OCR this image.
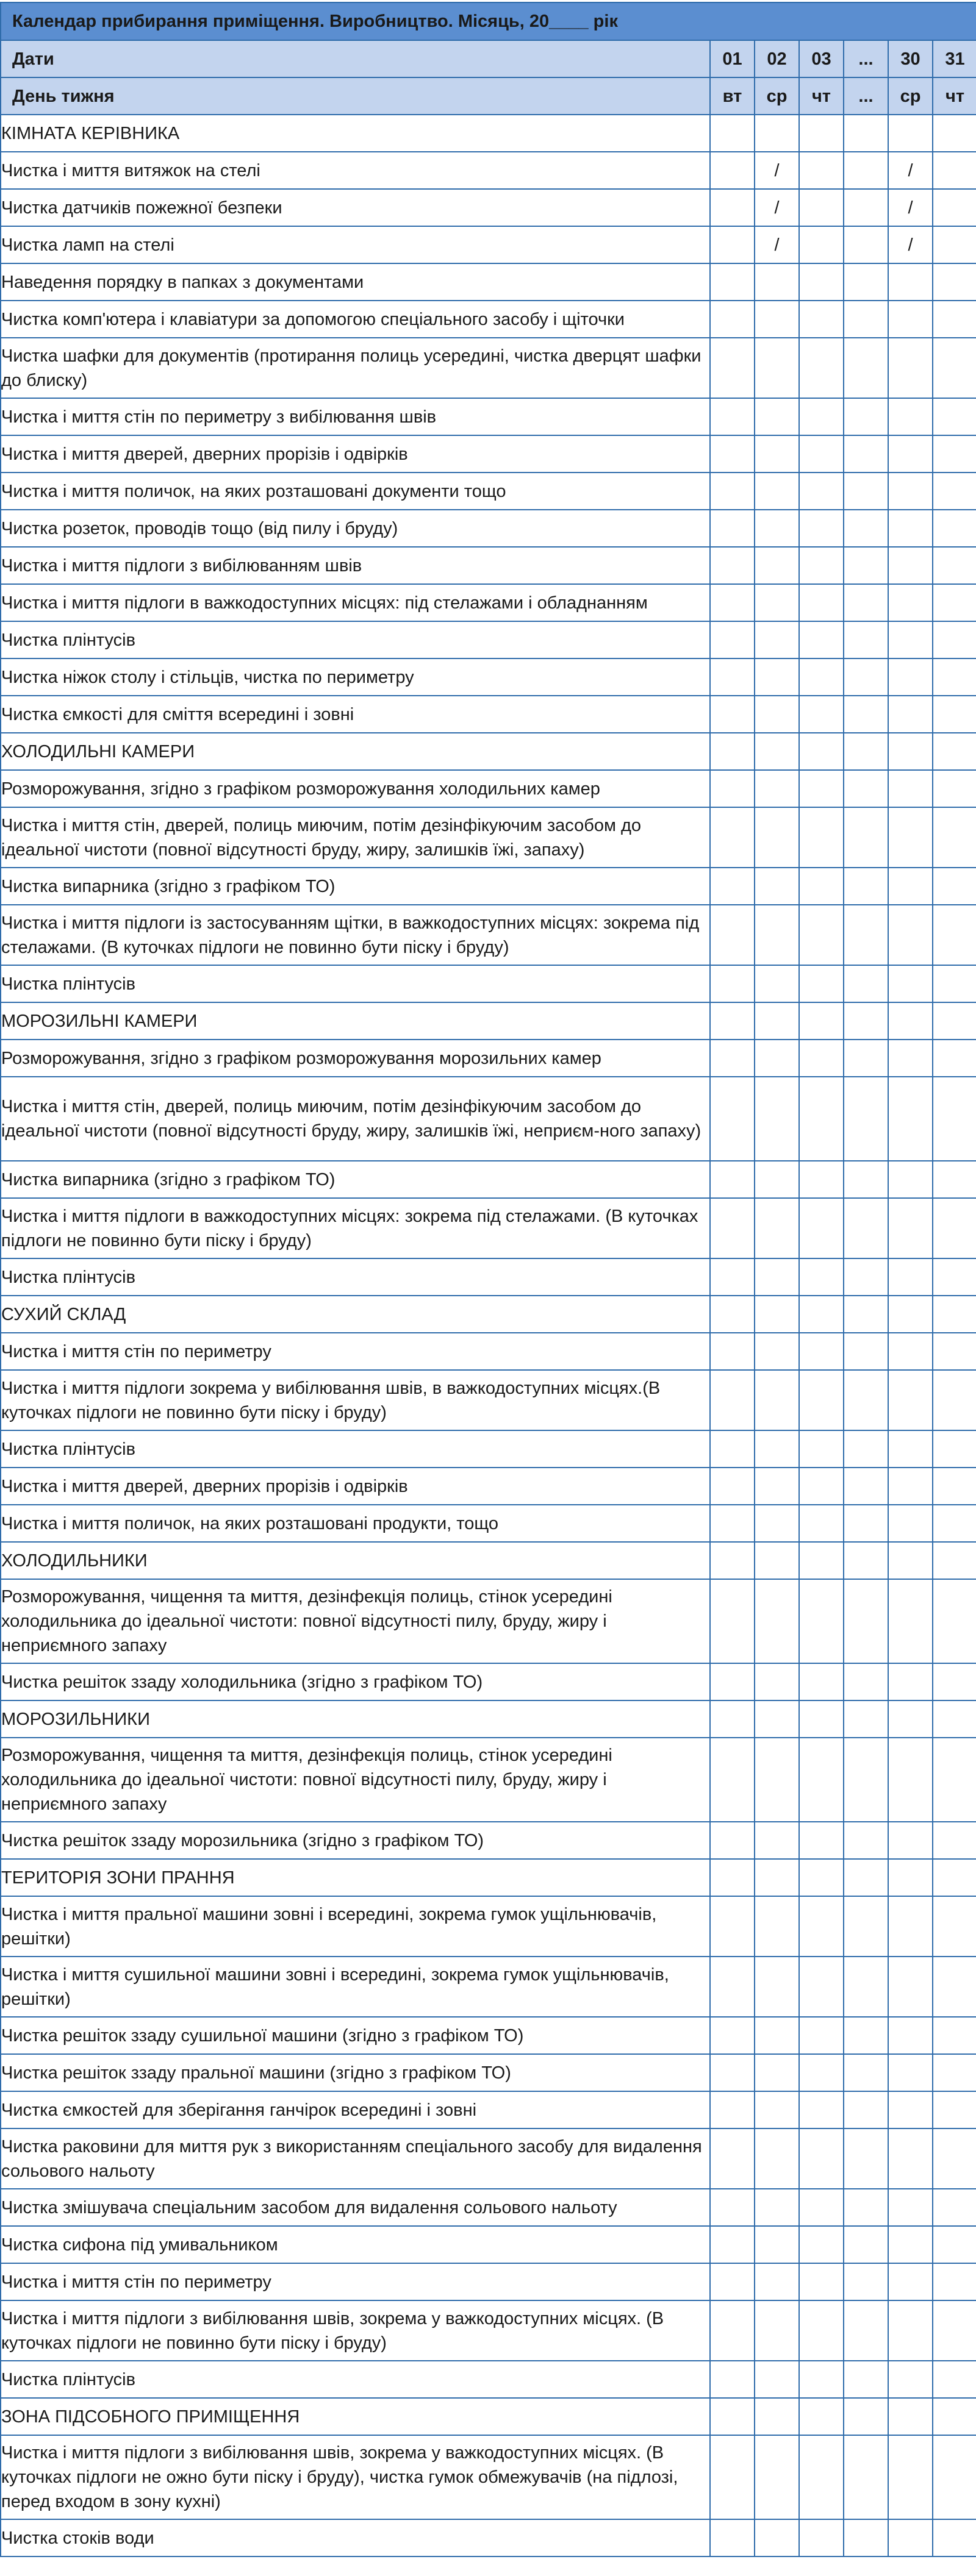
Календар прибирання приміщення. Виробництво. Місяць, 20____ рік						
Дати	01	02	03	...	30	31
День тижня	вт	ср	чт	...	ср	чт
КІМНАТА КЕРІВНИКА						
Чистка і миття витяжок на стелі		/			/	
Чистка датчиків пожежної безпеки		/			/	
Чистка ламп на стелі		/			/	
Наведення порядку в папках з документами						
Чистка комп'ютера і клавіатури за допомогою спеціального засобу і щіточки						
Чистка шафки для документів (протирання полиць усередині, чистка дверцят шафки до блиску)						
Чистка і миття стін по периметру з вибілювання швів						
Чистка і миття дверей, дверних прорізів і одвірків						
Чистка і миття поличок, на яких розташовані документи тощо						
Чистка розеток, проводів тощо (від пилу і бруду)						
Чистка і миття підлоги з вибілюванням швів						
Чистка і миття підлоги в важкодоступних місцях: під стелажами і обладнанням						
Чистка плінтусів						
Чистка ніжок столу і стільців, чистка по периметру						
Чистка ємкості для сміття всередині і зовні						
ХОЛОДИЛЬНІ КАМЕРИ						
Розморожування, згідно з графіком розморожування холодильних камер						
Чистка і миття стін, дверей, полиць миючим, потім дезінфікуючим засобом до ідеальної чистоти (повної відсутності бруду, жиру, залишків їжі, запаху)						
Чистка випарника (згідно з графіком ТО)						
Чистка і миття підлоги із застосуванням щітки, в важкодоступних місцях: зокрема під стелажами. (В куточках підлоги не повинно бути піску і бруду)						
Чистка плінтусів						
МОРОЗИЛЬНІ КАМЕРИ						
Розморожування, згідно з графіком розморожування морозильних камер						
Чистка і миття стін, дверей, полиць миючим, потім дезінфікуючим засобом до ідеальної чистоти (повної відсутності бруду, жиру, залишків їжі, неприєм-ного запаху)						
Чистка випарника (згідно з графіком ТО)						
Чистка і миття підлоги в важкодоступних місцях: зокрема під стелажами. (В куточках підлоги не повинно бути піску і бруду)						
Чистка плінтусів						
СУХИЙ СКЛАД						
Чистка і миття стін по периметру						
Чистка і миття підлоги зокрема у вибілювання швів, в важкодоступних місцях.(В куточках підлоги не повинно бути піску і бруду)						
Чистка плінтусів						
Чистка і миття дверей, дверних прорізів і одвірків						
Чистка і миття поличок, на яких розташовані продукти, тощо						
ХОЛОДИЛЬНИКИ						
Розморожування, чищення та миття, дезінфекція полиць, стінок усередині холодильника до ідеальної чистоти: повної відсутності пилу, бруду, жиру і неприємного запаху						
Чистка решіток ззаду холодильника (згідно з графіком ТО)						
МОРОЗИЛЬНИКИ						
Розморожування, чищення та миття, дезінфекція полиць, стінок усередині холодильника до ідеальної чистоти: повної відсутності пилу, бруду, жиру і неприємного запаху						
Чистка решіток ззаду морозильника (згідно з графіком ТО)						
ТЕРИТОРІЯ ЗОНИ ПРАННЯ						
Чистка і миття пральної машини зовні і всередині, зокрема гумок ущільнювачів, решітки)						
Чистка і миття сушильної машини зовні і всередині, зокрема гумок ущільнювачів, решітки)						
Чистка решіток ззаду сушильної машини (згідно з графіком ТО)						
Чистка решіток ззаду пральної машини (згідно з графіком ТО)						
Чистка ємкостей для зберігання ганчірок всередині і зовні						
Чистка раковини для миття рук з використанням спеціального засобу для видалення сольового нальоту						
Чистка змішувача спеціальним засобом для видалення сольового нальоту						
Чистка сифона під умивальником						
Чистка і миття стін по периметру						
Чистка і миття підлоги з вибілювання швів, зокрема у важкодоступних місцях. (В куточках підлоги не повинно бути піску і бруду)						
Чистка плінтусів						
ЗОНА ПІДСОБНОГО ПРИМІЩЕННЯ						
Чистка і миття підлоги з вибілювання швів, зокрема у важкодоступних місцях. (В куточках підлоги не ожно бути піску і бруду), чистка гумок обмежувачів (на підлозі, перед входом в зону кухні)						
Чистка стоків води						
